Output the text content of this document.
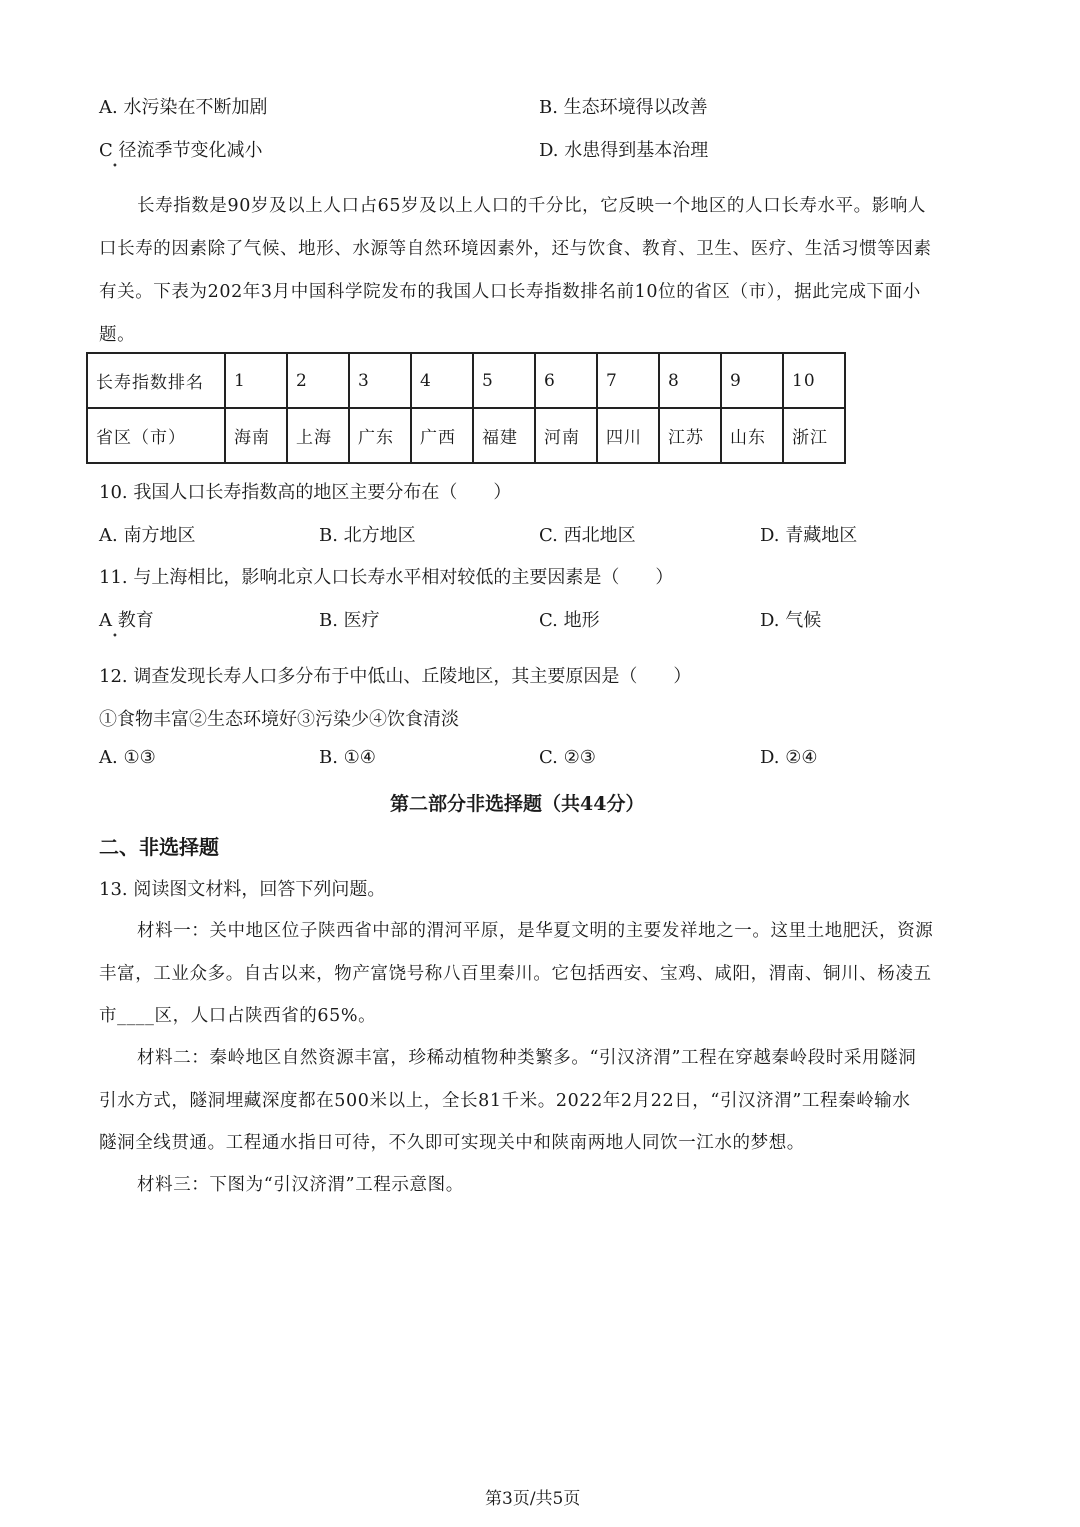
A. 水污染在不断加剧	B. 生态环境得以改善
C 径流季节变化减小
•
D. 水患得到基本治理
长寿指数是90岁及以上人口占65岁及以上人口的千分比，它反映一个地区的人口长寿水平。影响人
口长寿的因素除了气候、地形、水源等自然环境因素外，还与饮食、教育、卫生、医疗、生活习惯等因素
有关。下表为202年3月中国科学院发布的我国人口长寿指数排名前10位的省区（市），据此完成下面小
题。
长寿指数排名	1	2	3	4	5	6	7	8	9	10
省区（市）	海南	上海	广东	广西	福建	河南	四川	江苏	山东	浙江
10. 我国人口长寿指数高的地区主要分布在（　　）
A. 南方地区	B. 北方地区	C. 西北地区	D. 青藏地区
11. 与上海相比，影响北京人口长寿水平相对较低的主要因素是（　　）
A 教育
•
B. 医疗	C. 地形	D. 气候
12. 调查发现长寿人口多分布于中低山、丘陵地区，其主要原因是（　　）
①食物丰富②生态环境好③污染少④饮食清淡
A. ①③	B. ①④	C. ②③	D. ②④
第二部分非选择题（共44分）
二、非选择题
13. 阅读图文材料，回答下列问题。
材料一：关中地区位子陕西省中部的渭河平原，是华夏文明的主要发祥地之一。这里土地肥沃，资源
丰富，工业众多。自古以来，物产富饶号称八百里秦川。它包括西安、宝鸡、咸阳，渭南、铜川、杨凌五
市____区，人口占陕西省的65%。
材料二：秦岭地区自然资源丰富，珍稀动植物种类繁多。“引汉济渭”工程在穿越秦岭段时采用隧洞
引水方式，隧洞埋藏深度都在500米以上，全长81千米。2022年2月22日，“引汉济渭”工程秦岭输水
隧洞全线贯通。工程通水指日可待，不久即可实现关中和陕南两地人同饮一江水的梦想。
材料三：下图为“引汉济渭”工程示意图。
第3页/共5页
